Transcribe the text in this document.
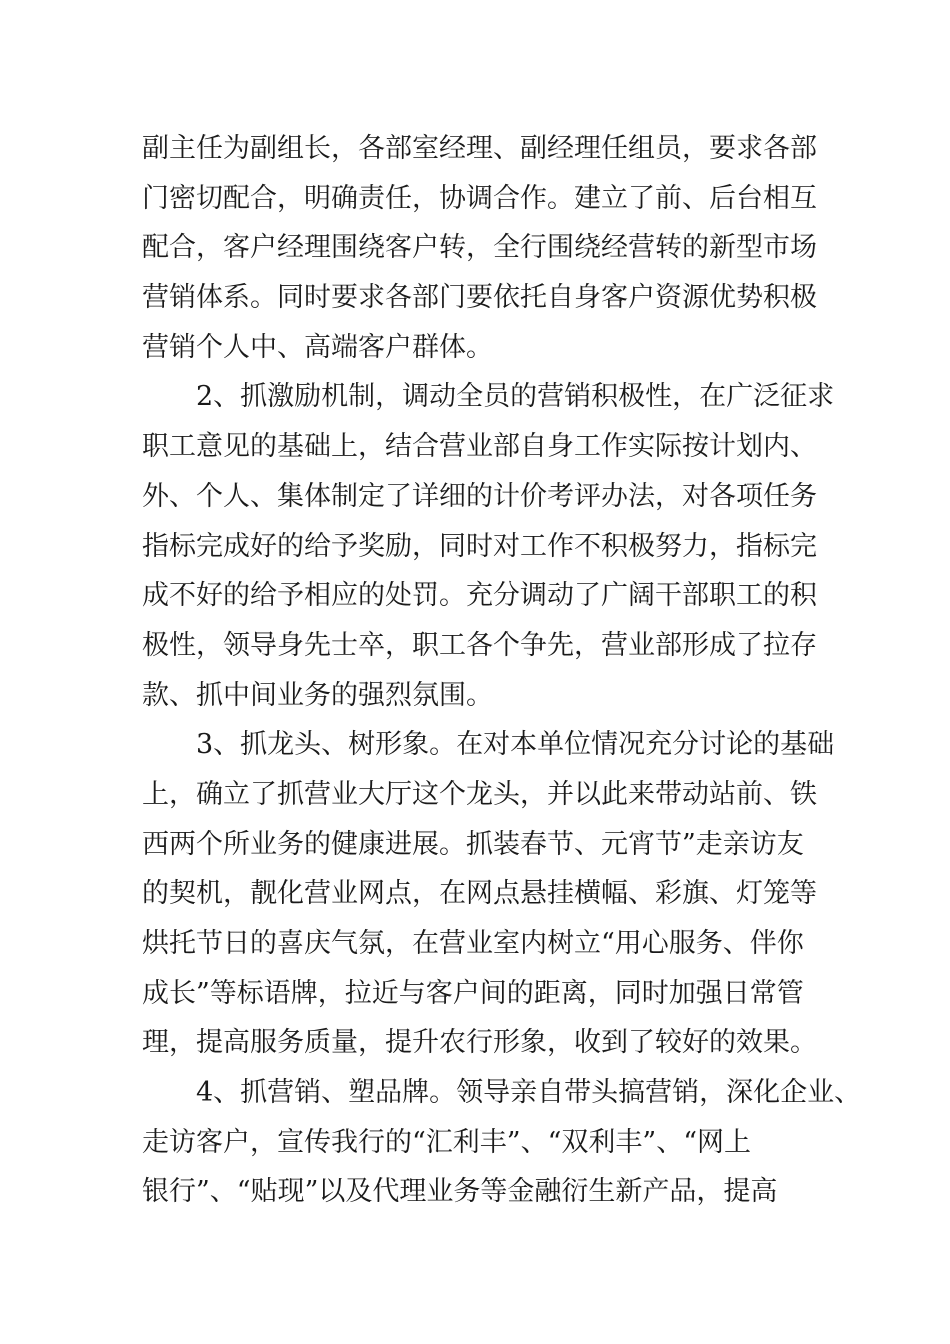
副主任为副组长，各部室经理、副经理任组员，要求各部
门密切配合，明确责任，协调合作。建立了前、后台相互
配合，客户经理围绕客户转，全行围绕经营转的新型市场
营销体系。同时要求各部门要依托自身客户资源优势积极
营销个人中、高端客户群体。
2、抓激励机制，调动全员的营销积极性，在广泛征求
职工意见的基础上，结合营业部自身工作实际按计划内、
外、个人、集体制定了详细的计价考评办法，对各项任务
指标完成好的给予奖励，同时对工作不积极努力，指标完
成不好的给予相应的处罚。充分调动了广阔干部职工的积
极性，领导身先士卒，职工各个争先，营业部形成了拉存
款、抓中间业务的强烈氛围。
3、抓龙头、树形象。在对本单位情况充分讨论的基础
上，确立了抓营业大厅这个龙头，并以此来带动站前、铁
西两个所业务的健康进展。抓装春节、元宵节”走亲访友
的契机，靓化营业网点，在网点悬挂横幅、彩旗、灯笼等
烘托节日的喜庆气氛，在营业室内树立“用心服务、伴你
成长”等标语牌，拉近与客户间的距离，同时加强日常管
理，提高服务质量，提升农行形象，收到了较好的效果。
4、抓营销、塑品牌。领导亲自带头搞营销，深化企业、
走访客户，宣传我行的“汇利丰”、“双利丰”、“网上
银行”、“贴现”以及代理业务等金融衍生新产品，提高
